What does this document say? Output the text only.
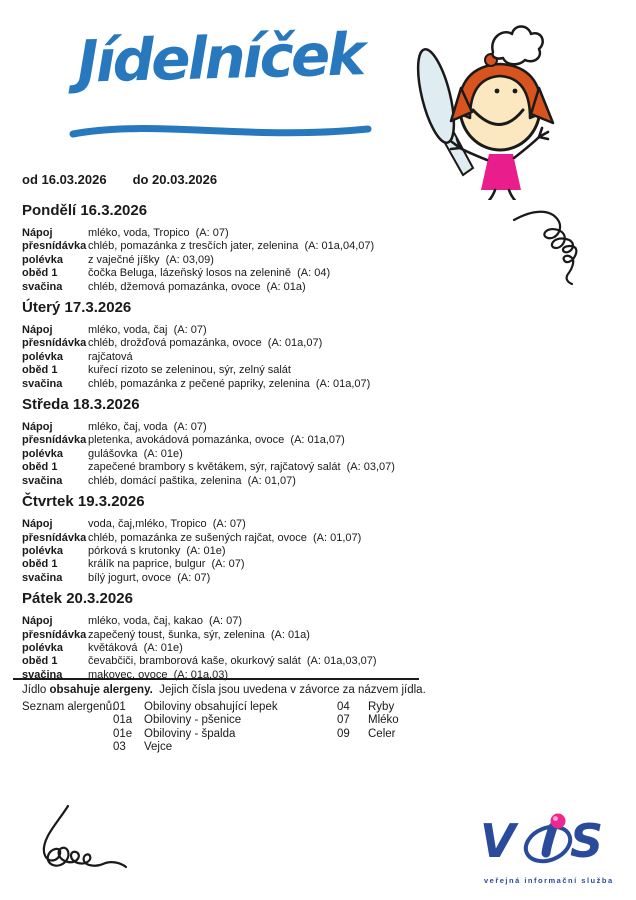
Jídelníček
od 16.03.2026 do 20.03.2026
Pondělí 16.3.2026
Nápoj	mléko, voda, Tropico  (A: 07)
přesnídávka chléb, pomazánka z tresčích jater, zelenina  (A: 01a,04,07)
polévka	z vaječné jíšky  (A: 03,09)
oběd 1	čočka Beluga, lázeňský losos na zelenině  (A: 04)
svačina	chléb, džemová pomazánka, ovoce  (A: 01a)
Úterý 17.3.2026
Nápoj	mléko, voda, čaj  (A: 07)
přesnídávka chléb, drožďová pomazánka, ovoce  (A: 01a,07)
polévka	rajčatová
oběd 1	kuřecí rizoto se zeleninou, sýr, zelný salát
svačina	chléb, pomazánka z pečené papriky, zelenina  (A: 01a,07)
Středa 18.3.2026
Nápoj	mléko, čaj, voda  (A: 07)
přesnídávka pletenka, avokádová pomazánka, ovoce  (A: 01a,07)
polévka	gulášovka  (A: 01e)
oběd 1	zapečené brambory s květákem, sýr, rajčatový salát  (A: 03,07)
svačina	chléb, domácí paštika, zelenina  (A: 01,07)
Čtvrtek 19.3.2026
Nápoj	voda, čaj,mléko, Tropico  (A: 07)
přesnídávka chléb, pomazánka ze sušených rajčat, ovoce  (A: 01,07)
polévka	pórková s krutonky  (A: 01e)
oběd 1	králík na paprice, bulgur  (A: 07)
svačina	bílý jogurt, ovoce  (A: 07)
Pátek 20.3.2026
Nápoj	mléko, voda, čaj, kakao  (A: 07)
přesnídávka zapečený toust, šunka, sýr, zelenina  (A: 01a)
polévka	květáková  (A: 01e)
oběd 1	čevabčiči, bramborová kaše, okurkový salát  (A: 01a,03,07)
svačina	makovec, ovoce  (A: 01a,03)
Jídlo obsahuje alergeny.  Jejich čísla jsou uvedena v závorce za názvem jídla.
Seznam alergenů:
01	Obiloviny obsahující lepek
01a	Obiloviny - pšenice
01e	Obiloviny - špalda
03	Vejce
04	Ryby
07	Mléko
09	Celer
V S
veřejná informační služba
